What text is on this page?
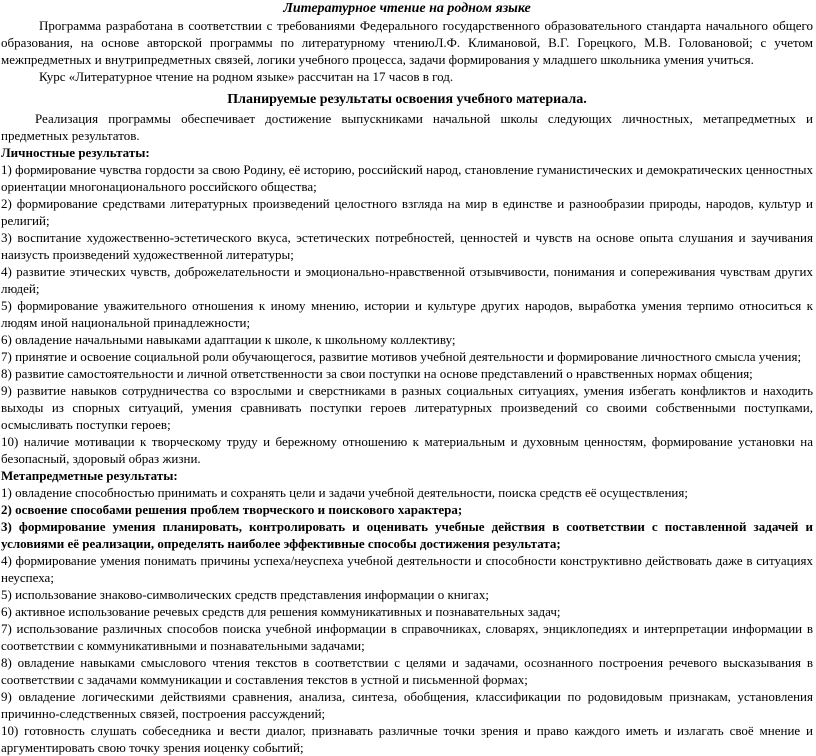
Литературное чтение на родном языке

Программа разработана в соответствии с требованиями Федерального государственного образовательного стандарта начального общего образования, на основе авторской программы по литературному чтениюЛ.Ф. Климановой, В.Г. Горецкого, М.В. Головановой; с учетом межпредметных и внутрипредметных связей, логики учебного процесса, задачи формирования у младшего школьника умения учиться.

Курс «Литературное чтение на родном языке» рассчитан на 17 часов в год.

Планируемые результаты освоения учебного материала.

Реализация программы обеспечивает достижение выпускниками начальной школы следующих личностных, метапредметных и предметных результатов.

Личностные результаты:

1) формирование чувства гордости за свою Родину, её историю, российский народ, становление гуманистических и демократических ценностных ориентации многонационального российского общества;

2) формирование средствами литературных произведений целостного взгляда на мир в единстве и разнообразии природы, народов, культур и религий;

3) воспитание художественно-эстетического вкуса, эстетических потребностей, ценностей и чувств на основе опыта слушания и заучивания наизусть произведений художественной литературы;

4) развитие этических чувств, доброжелательности и эмоционально-нравственной отзывчивости, понимания и сопереживания чувствам других людей;

5) формирование уважительного отношения к иному мнению, истории и культуре других народов, выработка умения терпимо относиться к людям иной национальной принадлежности;

6) овладение начальными навыками адаптации к школе, к школьному коллективу;

7) принятие и освоение социальной роли обучающегося, развитие мотивов учебной деятельности и формирование личностного смысла учения;

8) развитие самостоятельности и личной ответственности за свои поступки на основе представлений о нравственных нормах общения;

9) развитие навыков сотрудничества со взрослыми и сверстниками в разных социальных ситуациях, умения избегать конфликтов и находить выходы из спорных ситуаций, умения сравнивать поступки героев литературных произведений со своими собственными поступками, осмысливать поступки героев;

10) наличие мотивации к творческому труду и бережному отношению к материальным и духовным ценностям, формирование установки на безопасный, здоровый образ жизни.

Метапредметные результаты:

1) овладение способностью принимать и сохранять цели и задачи учебной деятельности, поиска средств её осуществления;

2) освоение способами решения проблем творческого и поискового характера;

3) формирование умения планировать, контролировать и оценивать учебные действия в соответствии с поставленной задачей и условиями её реализации, определять наиболее эффективные способы достижения результата;

4) формирование умения понимать причины успеха/неуспеха учебной деятельности и способности конструктивно действовать даже в ситуациях неуспеха;

5) использование знаково-символических средств представления информации о книгах;

6) активное использование речевых средств для решения коммуникативных и познавательных задач;

7) использование различных способов поиска учебной информации в справочниках, словарях, энциклопедиях и интерпретации информации в соответствии с коммуникативными и познавательными задачами;

8) овладение навыками смыслового чтения текстов в соответствии с целями и задачами, осознанного построения речевого высказывания в соответствии с задачами коммуникации и составления текстов в устной и письменной формах;

9) овладение логическими действиями сравнения, анализа, синтеза, обобщения, классификации по родовидовым признакам, установления причинно-следственных связей, построения рассуждений;

10) готовность слушать собеседника и вести диалог, признавать различные точки зрения и право каждого иметь и излагать своё мнение и аргументировать свою точку зрения иоценку событий;
